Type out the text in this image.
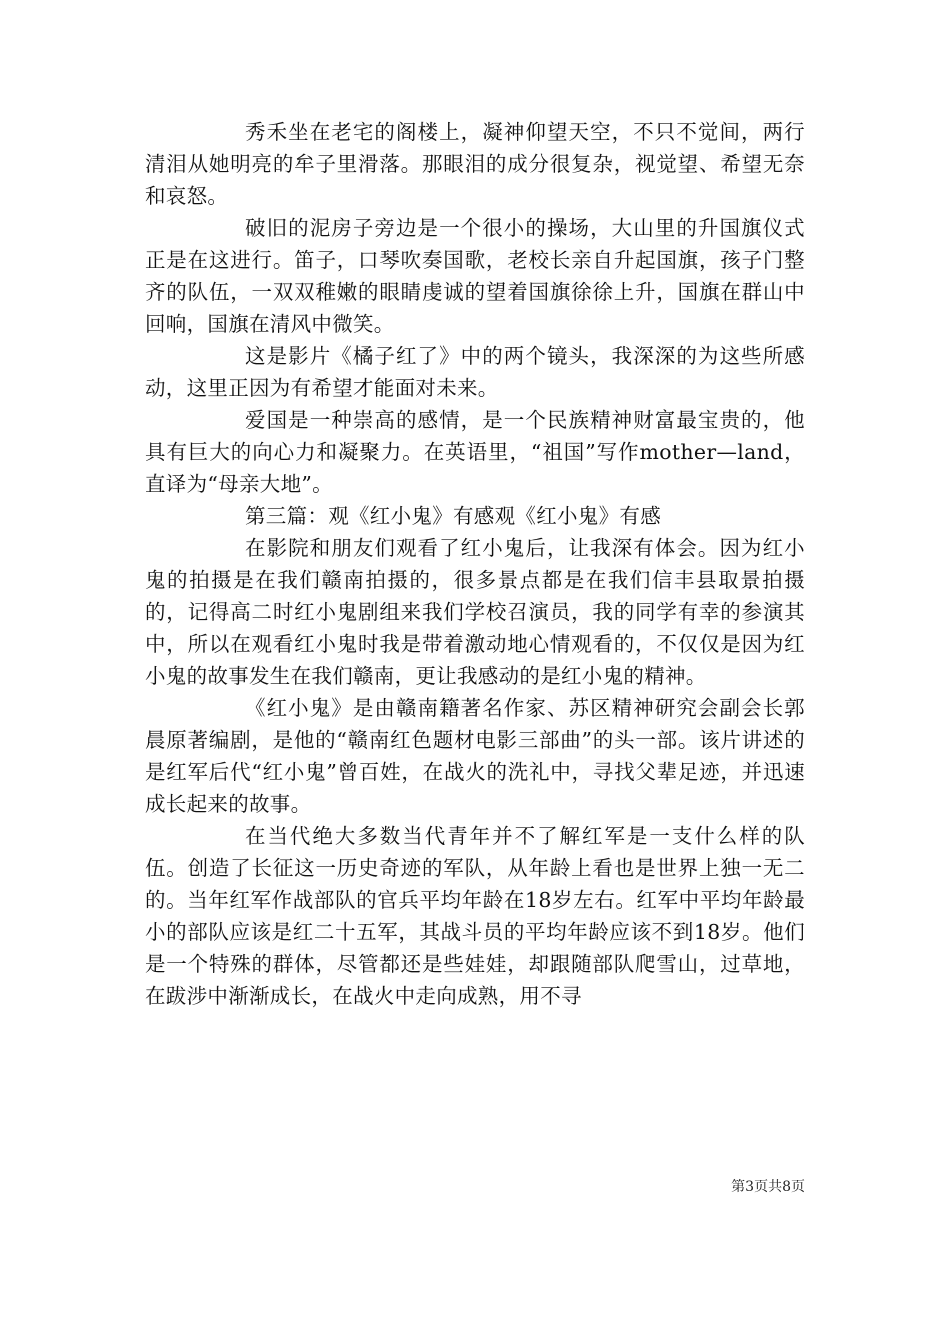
秀禾坐在老宅的阁楼上，凝神仰望天空，不只不觉间，两行清泪从她明亮的牟子里滑落。那眼泪的成分很复杂，视觉望、希望无奈和哀怒。

破旧的泥房子旁边是一个很小的操场，大山里的升国旗仪式正是在这进行。笛子，口琴吹奏国歌，老校长亲自升起国旗，孩子门整齐的队伍，一双双稚嫩的眼睛虔诚的望着国旗徐徐上升，国旗在群山中回响，国旗在清风中微笑。

这是影片《橘子红了》中的两个镜头，我深深的为这些所感动，这里正因为有希望才能面对未来。

爱国是一种崇高的感情，是一个民族精神财富最宝贵的，他具有巨大的向心力和凝聚力。在英语里，“祖国”写作mother—land，直译为“母亲大地”。

第三篇：观《红小鬼》有感观《红小鬼》有感

在影院和朋友们观看了红小鬼后，让我深有体会。因为红小鬼的拍摄是在我们赣南拍摄的，很多景点都是在我们信丰县取景拍摄的，记得高二时红小鬼剧组来我们学校召演员，我的同学有幸的参演其中，所以在观看红小鬼时我是带着激动地心情观看的，不仅仅是因为红小鬼的故事发生在我们赣南，更让我感动的是红小鬼的精神。

《红小鬼》是由赣南籍著名作家、苏区精神研究会副会长郭晨原著编剧，是他的“赣南红色题材电影三部曲”的头一部。该片讲述的是红军后代“红小鬼”曾百姓，在战火的洗礼中，寻找父辈足迹，并迅速成长起来的故事。

在当代绝大多数当代青年并不了解红军是一支什么样的队伍。创造了长征这一历史奇迹的军队，从年龄上看也是世界上独一无二的。当年红军作战部队的官兵平均年龄在18岁左右。红军中平均年龄最小的部队应该是红二十五军，其战斗员的平均年龄应该不到18岁。他们是一个特殊的群体，尽管都还是些娃娃，却跟随部队爬雪山，过草地，在跋涉中渐渐成长，在战火中走向成熟，用不寻

第3页共8页
